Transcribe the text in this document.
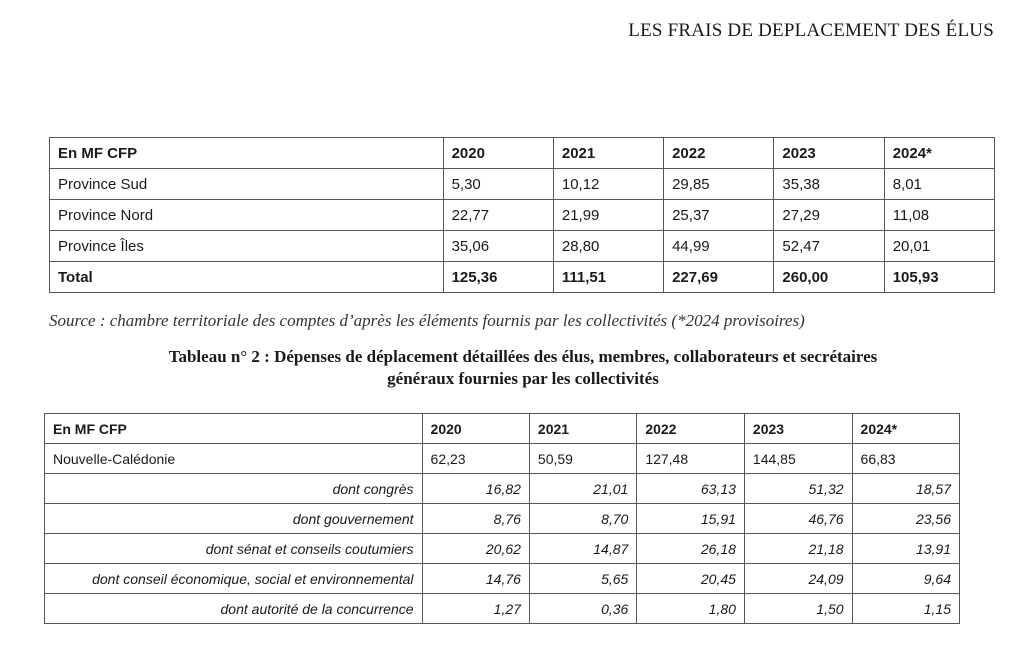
LES FRAIS DE DEPLACEMENT DES ÉLUS
En MF CFP	2020	2021	2022	2023	2024*
Province Sud	5,30	10,12	29,85	35,38	8,01
Province Nord	22,77	21,99	25,37	27,29	11,08
Province Îles	35,06	28,80	44,99	52,47	20,01
Total	125,36	111,51	227,69	260,00	105,93
Source : chambre territoriale des comptes d’après les éléments fournis par les collectivités (*2024 provisoires)
Tableau n° 2 : Dépenses de déplacement détaillées des élus, membres, collaborateurs et secrétaires
généraux fournies par les collectivités
En MF CFP	2020	2021	2022	2023	2024*
Nouvelle-Calédonie	62,23	50,59	127,48	144,85	66,83
dont congrès	16,82	21,01	63,13	51,32	18,57
dont gouvernement	8,76	8,70	15,91	46,76	23,56
dont sénat et conseils coutumiers	20,62	14,87	26,18	21,18	13,91
dont conseil économique, social et environnemental	14,76	5,65	20,45	24,09	9,64
dont autorité de la concurrence	1,27	0,36	1,80	1,50	1,15
